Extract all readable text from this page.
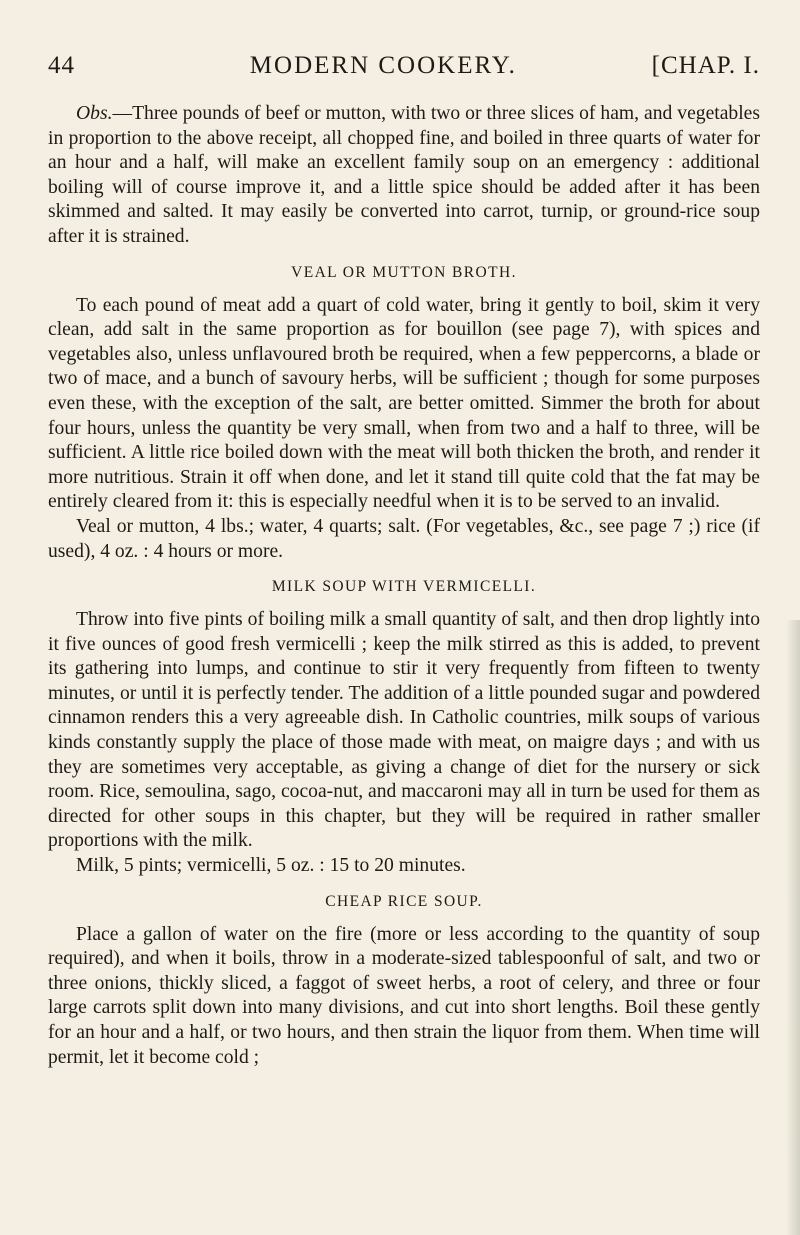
44	MODERN COOKERY.	[CHAP. I.

Obs.—Three pounds of beef or mutton, with two or three slices of ham, and vegetables in proportion to the above receipt, all chopped fine, and boiled in three quarts of water for an hour and a half, will make an excellent family soup on an emergency : additional boiling will of course improve it, and a little spice should be added after it has been skimmed and salted. It may easily be converted into carrot, turnip, or ground-rice soup after it is strained.

VEAL OR MUTTON BROTH.

To each pound of meat add a quart of cold water, bring it gently to boil, skim it very clean, add salt in the same proportion as for bouillon (see page 7), with spices and vegetables also, unless unflavoured broth be required, when a few peppercorns, a blade or two of mace, and a bunch of savoury herbs, will be sufficient ; though for some purposes even these, with the exception of the salt, are better omitted. Simmer the broth for about four hours, unless the quantity be very small, when from two and a half to three, will be sufficient. A little rice boiled down with the meat will both thicken the broth, and render it more nutritious. Strain it off when done, and let it stand till quite cold that the fat may be entirely cleared from it: this is especially needful when it is to be served to an invalid.

Veal or mutton, 4 lbs.; water, 4 quarts; salt. (For vegetables, &c., see page 7 ;) rice (if used), 4 oz. : 4 hours or more.

MILK SOUP WITH VERMICELLI.

Throw into five pints of boiling milk a small quantity of salt, and then drop lightly into it five ounces of good fresh vermicelli ; keep the milk stirred as this is added, to prevent its gathering into lumps, and continue to stir it very frequently from fifteen to twenty minutes, or until it is perfectly tender. The addition of a little pounded sugar and powdered cinnamon renders this a very agreeable dish. In Catholic countries, milk soups of various kinds constantly supply the place of those made with meat, on maigre days ; and with us they are sometimes very acceptable, as giving a change of diet for the nursery or sick room. Rice, semoulina, sago, cocoa-nut, and maccaroni may all in turn be used for them as directed for other soups in this chapter, but they will be required in rather smaller proportions with the milk.

Milk, 5 pints; vermicelli, 5 oz. : 15 to 20 minutes.

CHEAP RICE SOUP.

Place a gallon of water on the fire (more or less according to the quantity of soup required), and when it boils, throw in a moderate-sized tablespoonful of salt, and two or three onions, thickly sliced, a faggot of sweet herbs, a root of celery, and three or four large carrots split down into many divisions, and cut into short lengths. Boil these gently for an hour and a half, or two hours, and then strain the liquor from them. When time will permit, let it become cold ;
